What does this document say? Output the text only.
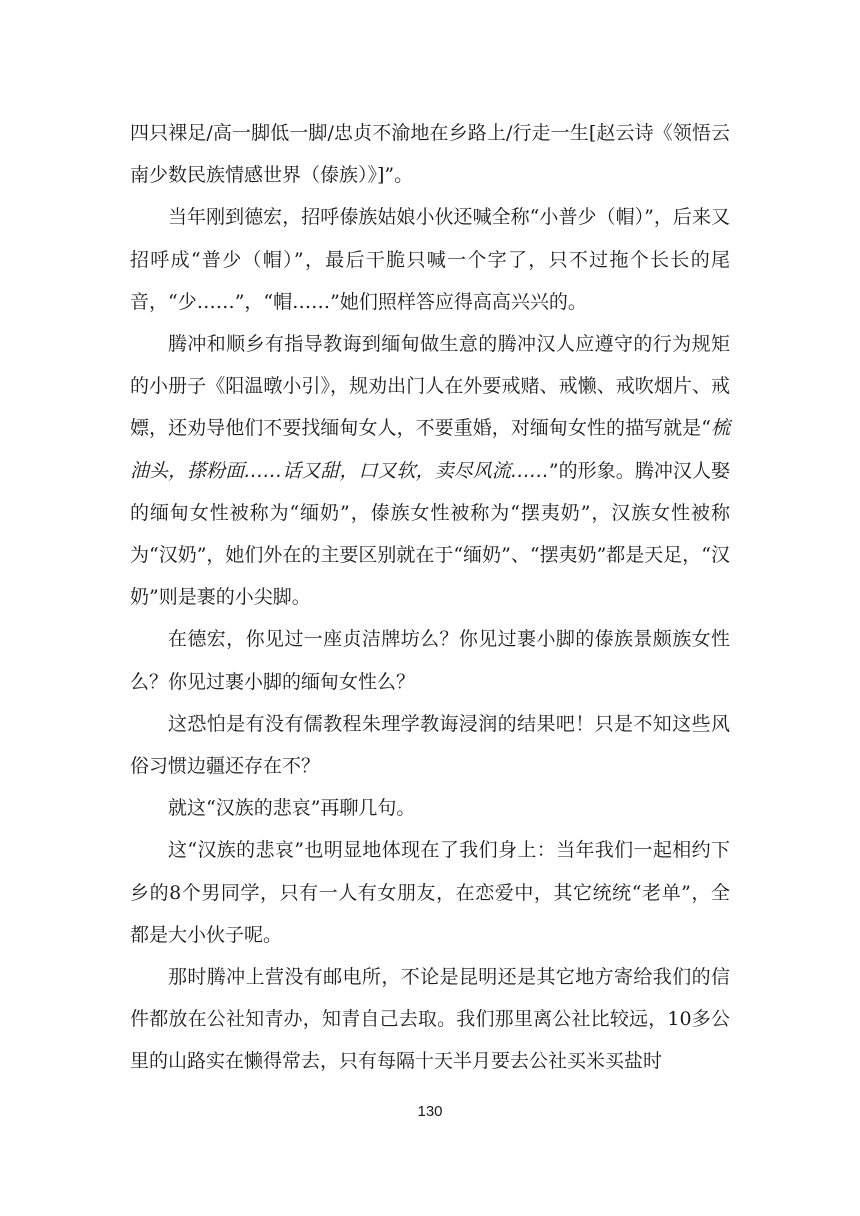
四只裸足/高一脚低一脚/忠贞不渝地在乡路上/行走一生[赵云诗《领悟云南少数民族情感世界（傣族）》]”。

当年刚到德宏，招呼傣族姑娘小伙还喊全称“小普少（帽）”，后来又招呼成“普少（帽）”，最后干脆只喊一个字了，只不过拖个长长的尾音，“少……”，“帽……”她们照样答应得高高兴兴的。

腾冲和顺乡有指导教诲到缅甸做生意的腾冲汉人应遵守的行为规矩的小册子《阳温暾小引》，规劝出门人在外要戒赌、戒懒、戒吹烟片、戒嫖，还劝导他们不要找缅甸女人，不要重婚，对缅甸女性的描写就是“梳油头，搽粉面……话又甜，口又软，卖尽风流……”的形象。腾冲汉人娶的缅甸女性被称为“缅奶”，傣族女性被称为“摆夷奶”，汉族女性被称为“汉奶”，她们外在的主要区别就在于“缅奶”、“摆夷奶”都是天足，“汉奶”则是裹的小尖脚。

在德宏，你见过一座贞洁牌坊么？你见过裹小脚的傣族景颇族女性么？你见过裹小脚的缅甸女性么？

这恐怕是有没有儒教程朱理学教诲浸润的结果吧！只是不知这些风俗习惯边疆还存在不？

就这“汉族的悲哀”再聊几句。

这“汉族的悲哀”也明显地体现在了我们身上：当年我们一起相约下乡的8个男同学，只有一人有女朋友，在恋爱中，其它统统“老单”，全都是大小伙子呢。

那时腾冲上营没有邮电所，不论是昆明还是其它地方寄给我们的信件都放在公社知青办，知青自己去取。我们那里离公社比较远，10多公里的山路实在懒得常去，只有每隔十天半月要去公社买米买盐时

130
